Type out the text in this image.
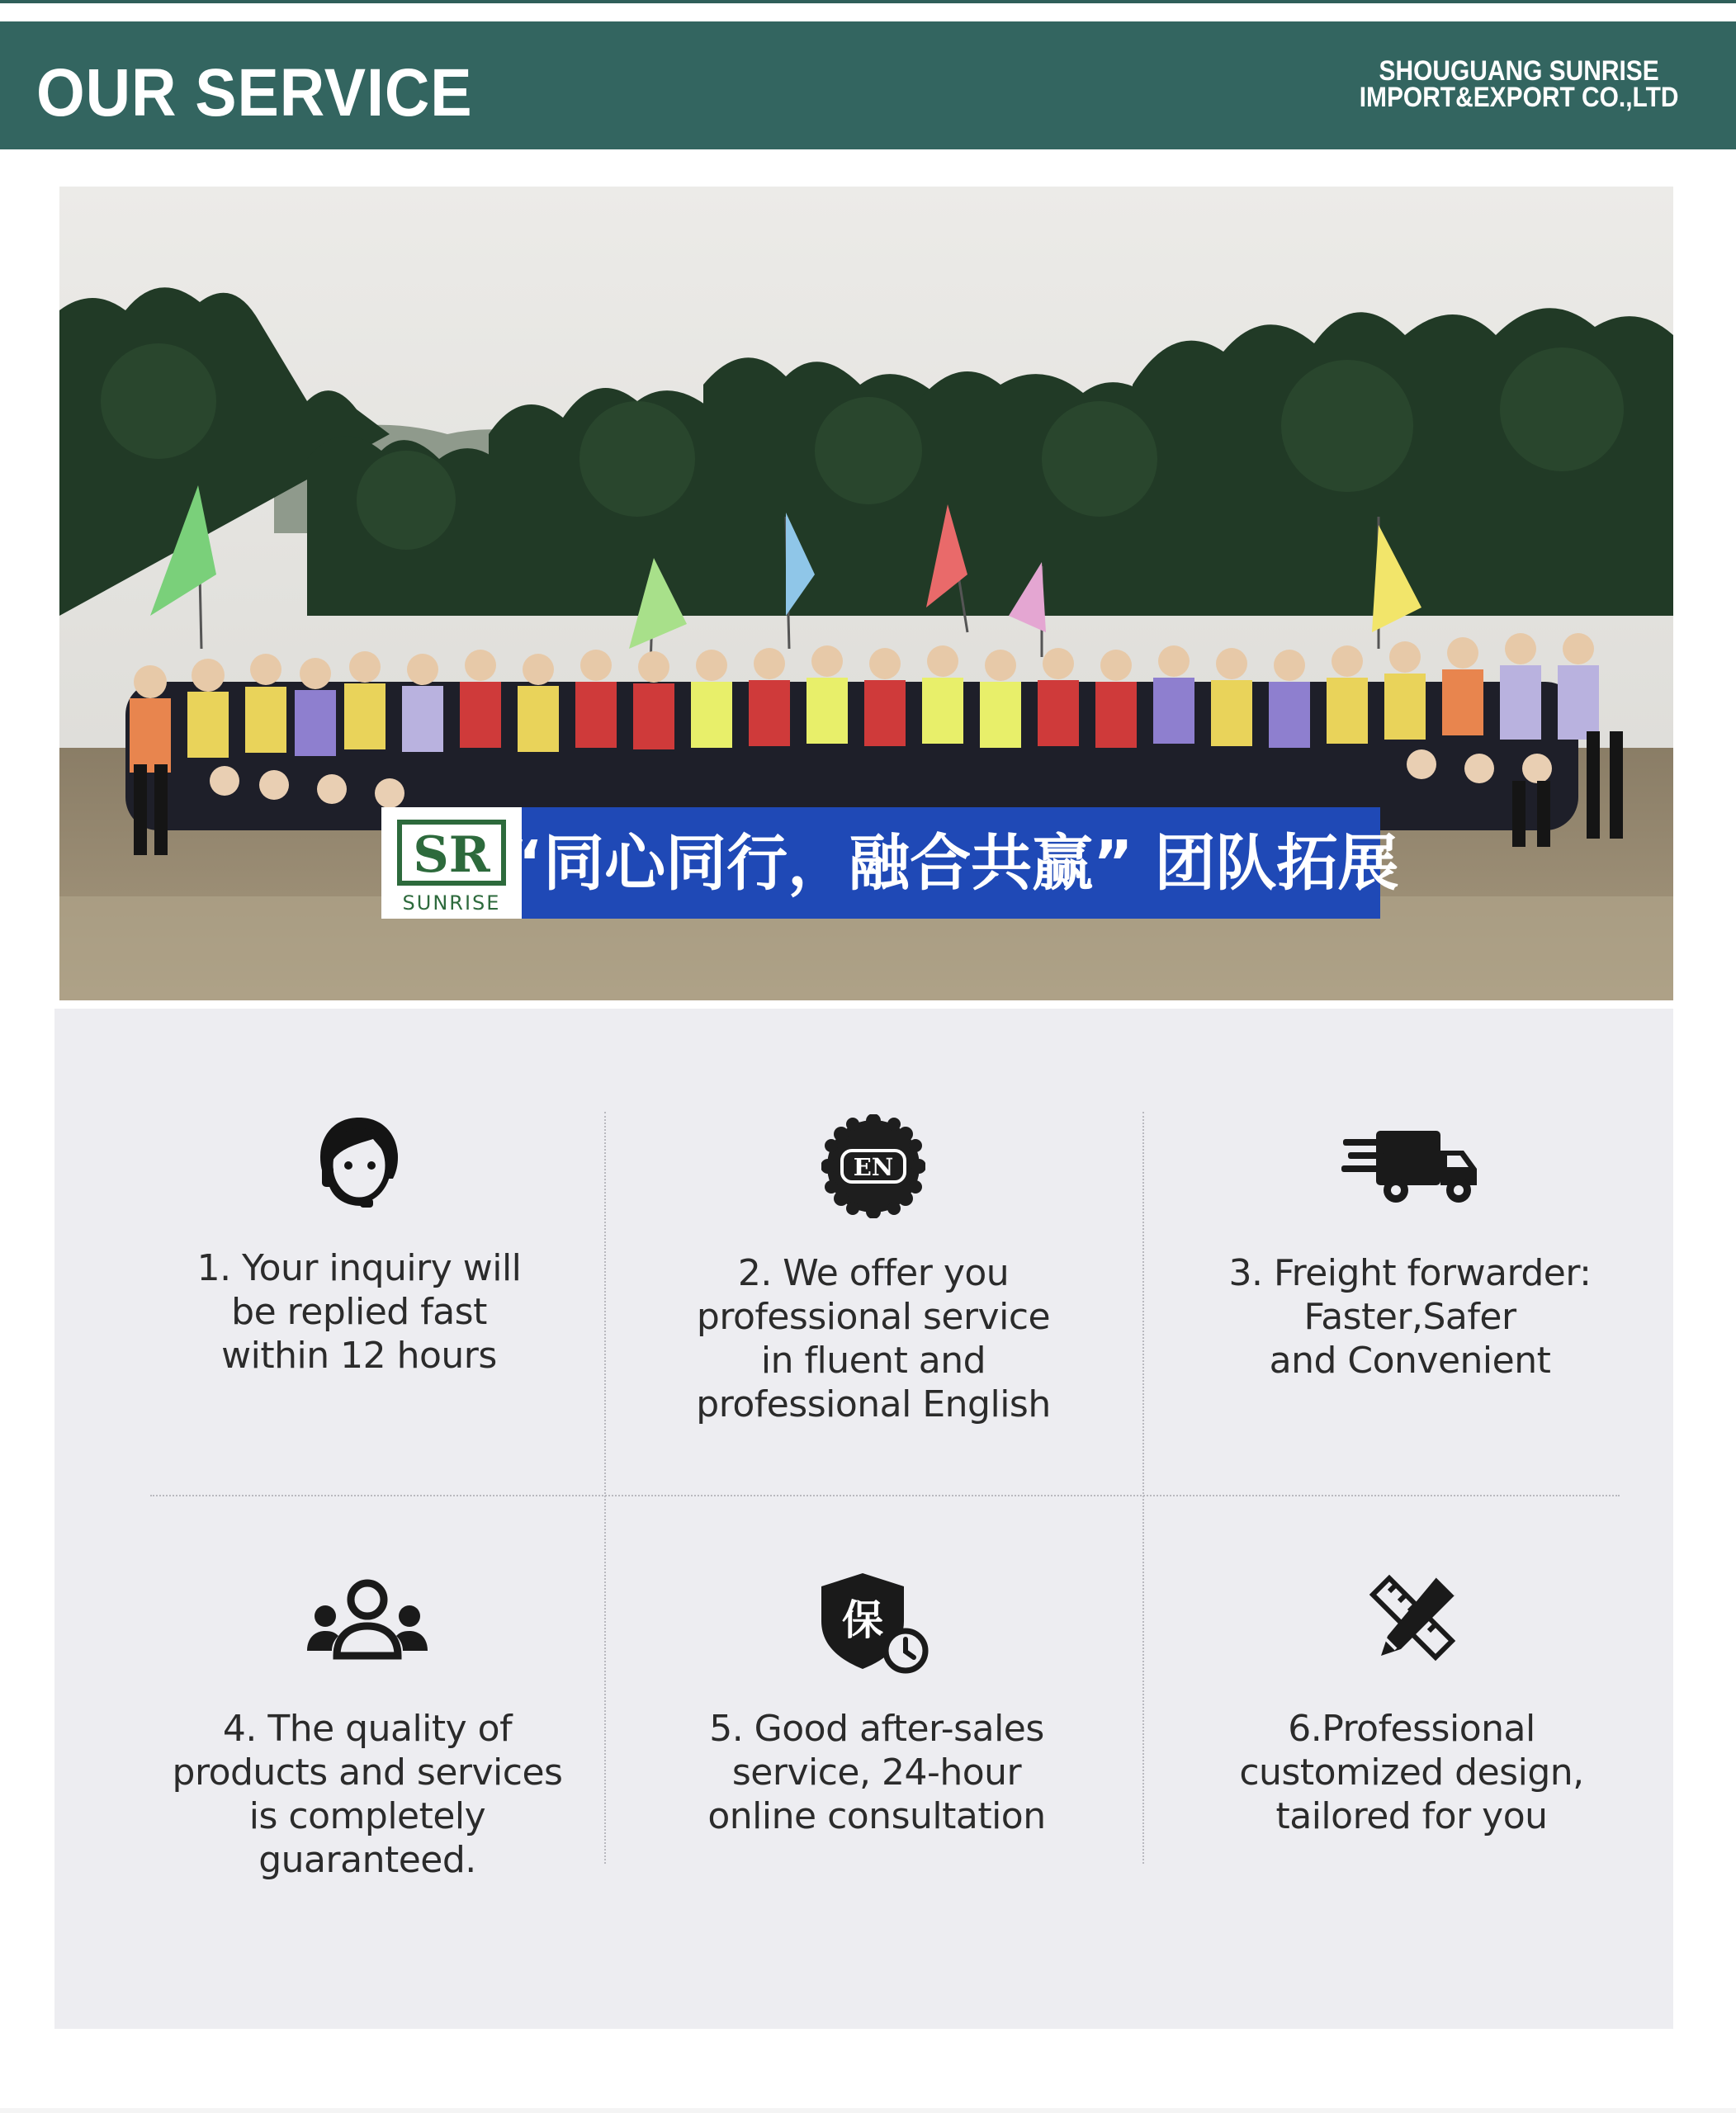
OUR SERVICE	SHOUGUANG SUNRISE
IMPORT&EXPORT CO.,LTD
SR
SUNRISE
“同心同行，融合共赢” 团队拓展
1. Your inquiry will
be replied fast
within 12 hours
EN
2. We offer you
professional service
in fluent and
professional English
3. Freight forwarder:
Faster,Safer
and Convenient
4. The quality of
products and services
is completely
guaranteed.
保
5. Good after-sales
service, 24-hour
online consultation
6.Professional
customized design,
tailored for you
